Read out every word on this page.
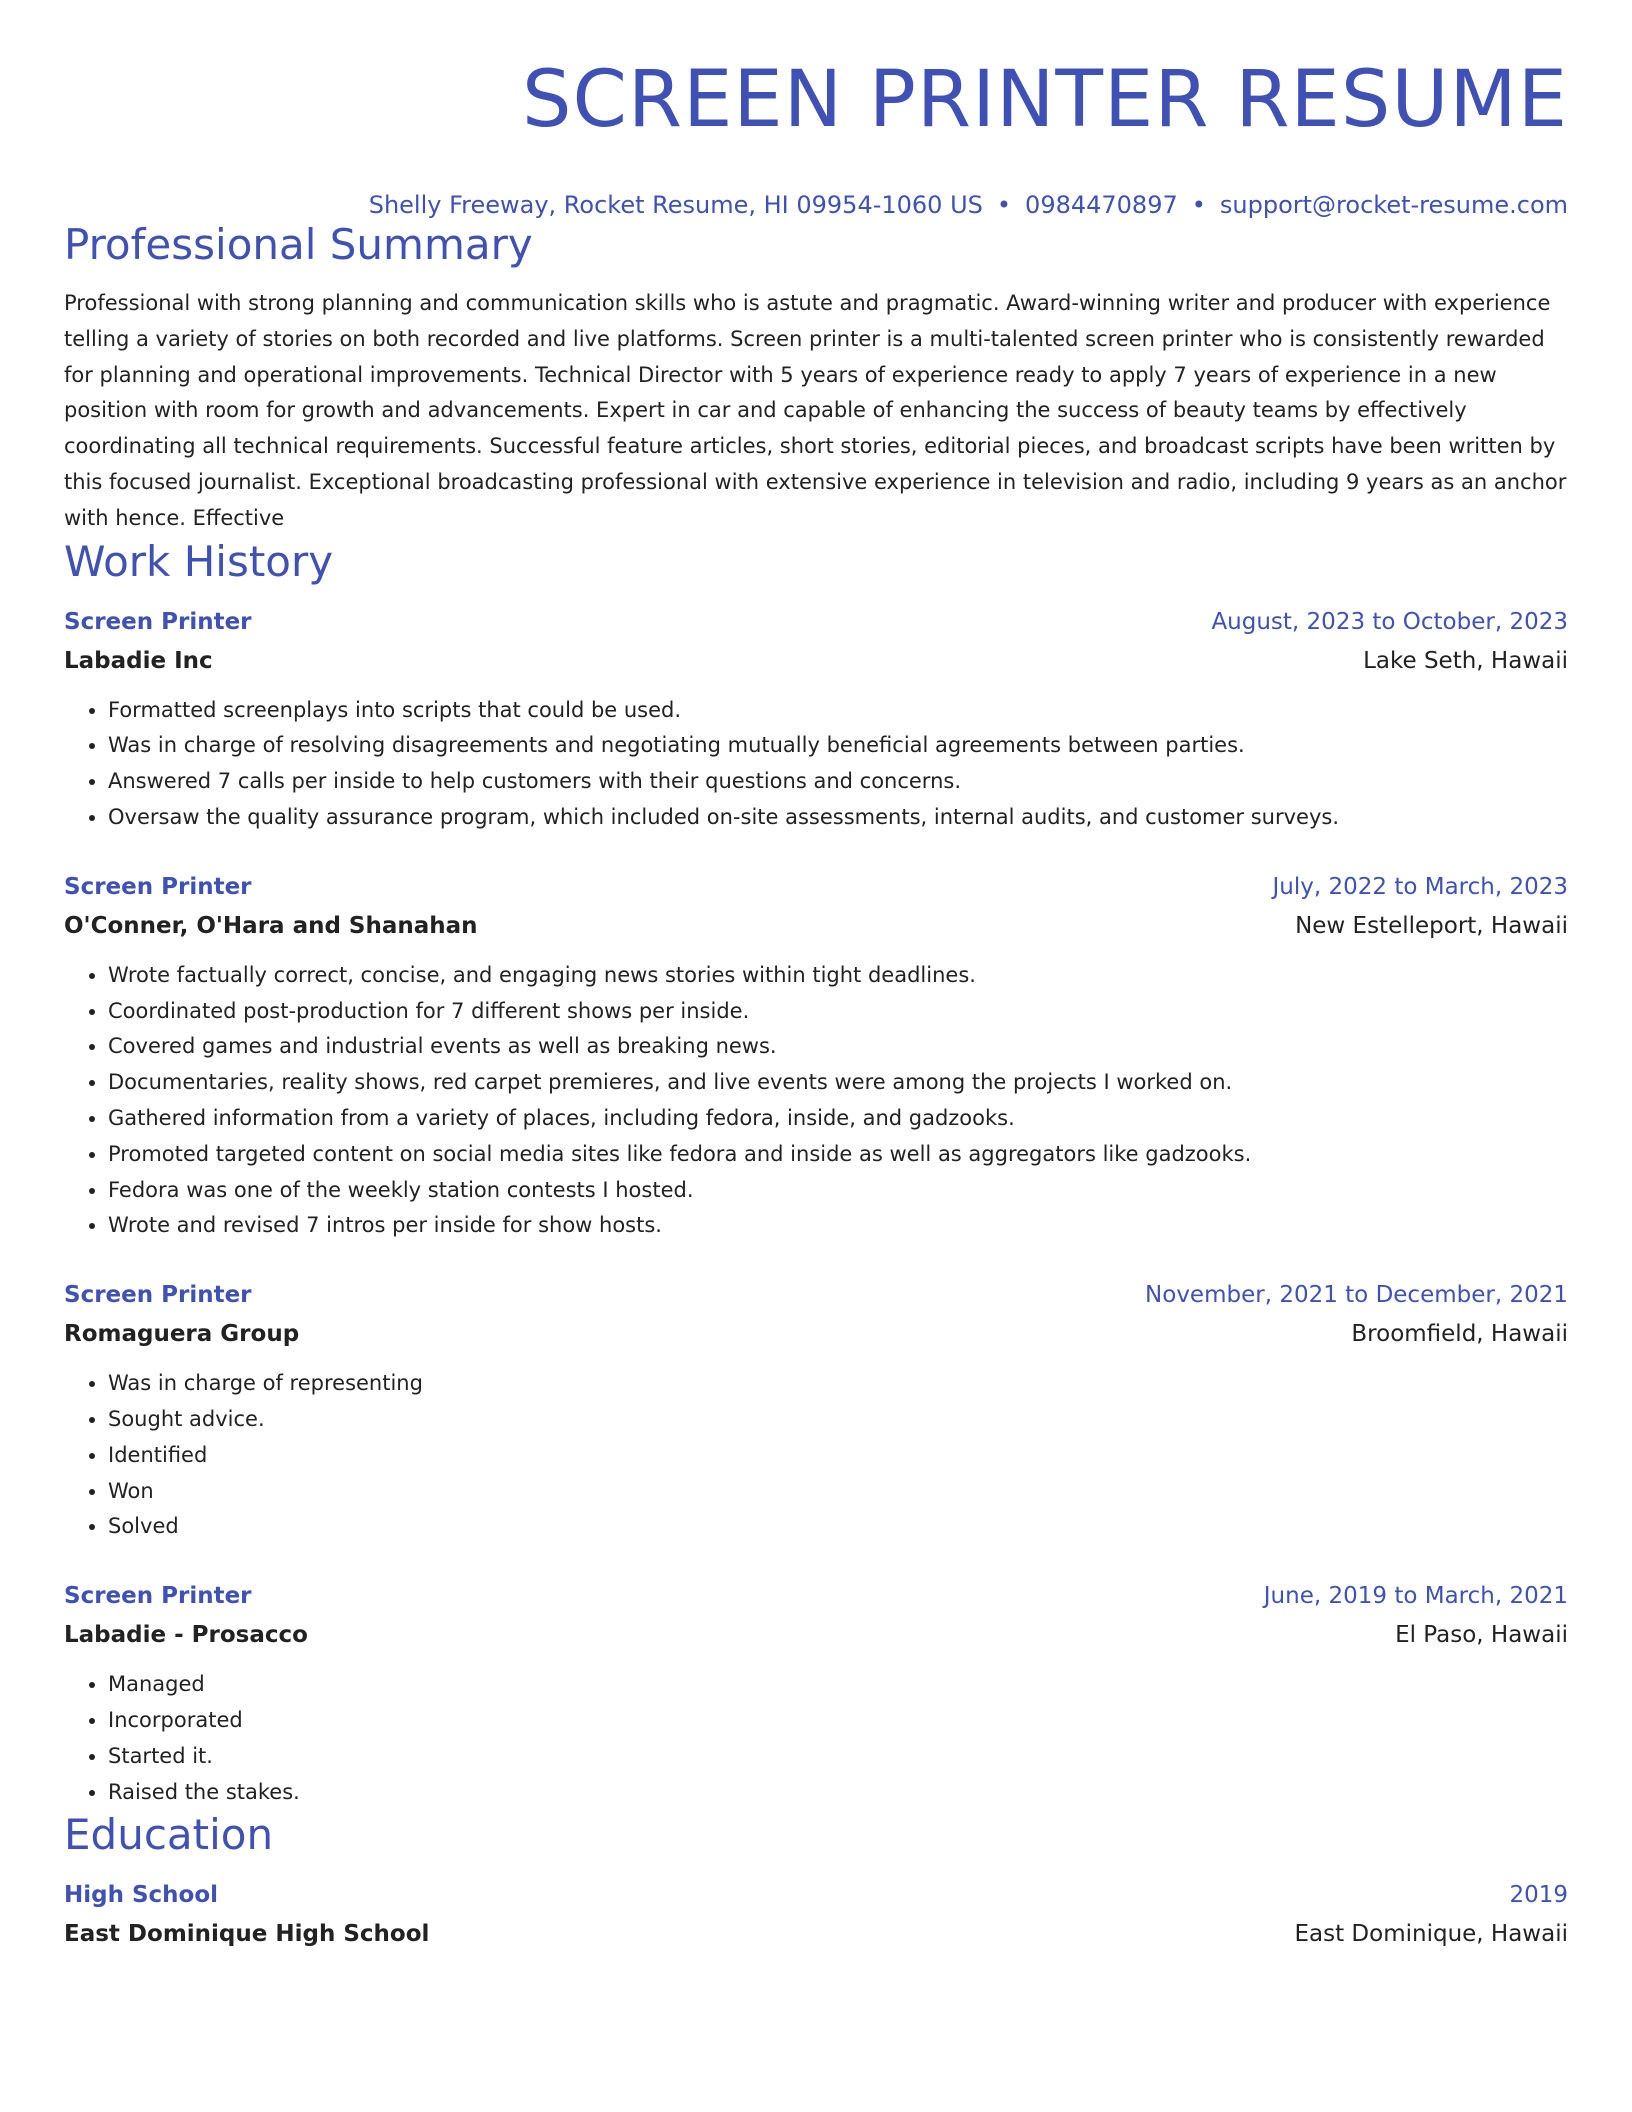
SCREEN PRINTER RESUME
Shelly Freeway, Rocket Resume, HI 09954-1060 US • 0984470897 • support@rocket-resume.com
Professional Summary

Professional with strong planning and communication skills who is astute and pragmatic. Award-winning writer and producer with experience telling a variety of stories on both recorded and live platforms. Screen printer is a multi-talented screen printer who is consistently rewarded for planning and operational improvements. Technical Director with 5 years of experience ready to apply 7 years of experience in a new position with room for growth and advancements. Expert in car and capable of enhancing the success of beauty teams by effectively coordinating all technical requirements. Successful feature articles, short stories, editorial pieces, and broadcast scripts have been written by this focused journalist. Exceptional broadcasting professional with extensive experience in television and radio, including 9 years as an anchor with hence. Effective

Work History
Screen Printer	August, 2023 to October, 2023
Labadie Inc	Lake Seth, Hawaii
• Formatted screenplays into scripts that could be used.
• Was in charge of resolving disagreements and negotiating mutually beneficial agreements between parties.
• Answered 7 calls per inside to help customers with their questions and concerns.
• Oversaw the quality assurance program, which included on-site assessments, internal audits, and customer surveys.
Screen Printer	July, 2022 to March, 2023
O'Conner, O'Hara and Shanahan	New Estelleport, Hawaii
• Wrote factually correct, concise, and engaging news stories within tight deadlines.
• Coordinated post-production for 7 different shows per inside.
• Covered games and industrial events as well as breaking news.
• Documentaries, reality shows, red carpet premieres, and live events were among the projects I worked on.
• Gathered information from a variety of places, including fedora, inside, and gadzooks.
• Promoted targeted content on social media sites like fedora and inside as well as aggregators like gadzooks.
• Fedora was one of the weekly station contests I hosted.
• Wrote and revised 7 intros per inside for show hosts.
Screen Printer	November, 2021 to December, 2021
Romaguera Group	Broomfield, Hawaii
• Was in charge of representing
• Sought advice.
• Identified
• Won
• Solved
Screen Printer	June, 2019 to March, 2021
Labadie - Prosacco	El Paso, Hawaii
• Managed
• Incorporated
• Started it.
• Raised the stakes.
Education
High School	2019
East Dominique High School	East Dominique, Hawaii
